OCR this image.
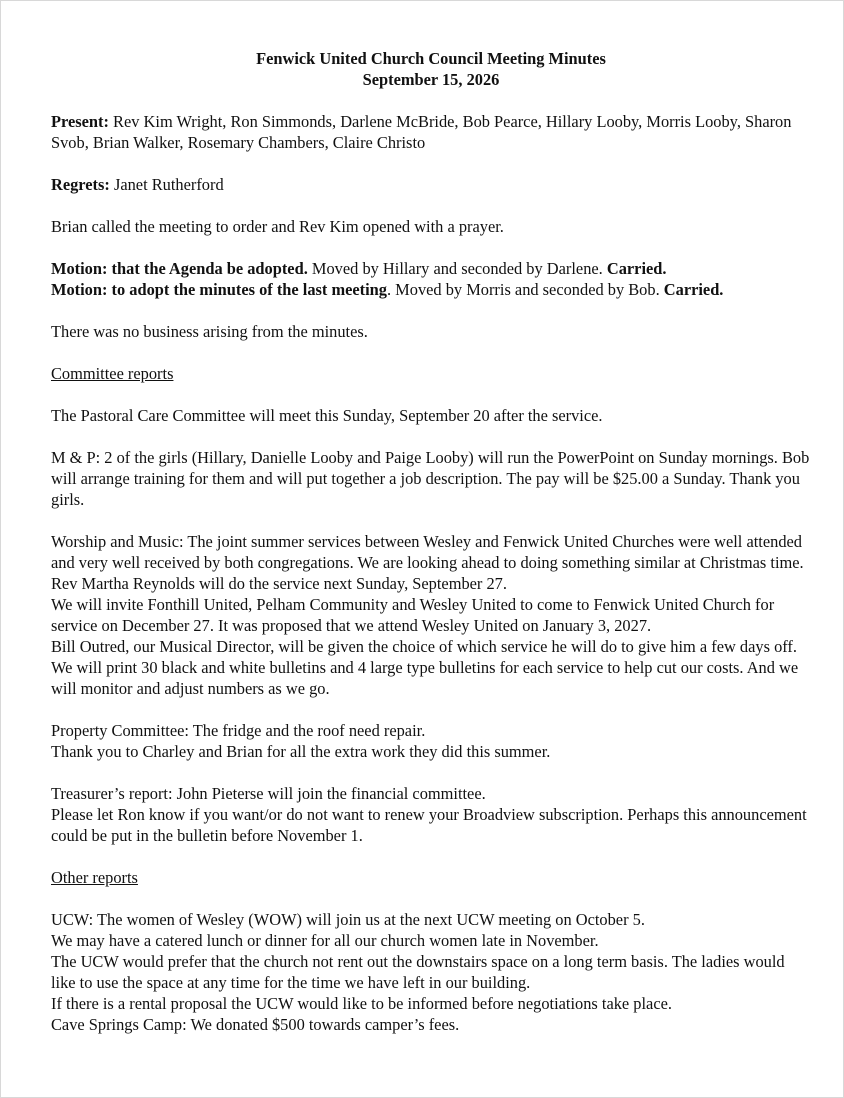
Fenwick United Church Council Meeting Minutes
September 15, 2026

Present: Rev Kim Wright, Ron Simmonds, Darlene McBride, Bob Pearce, Hillary Looby, Morris Looby, Sharon Svob, Brian Walker, Rosemary Chambers, Claire Christo

Regrets: Janet Rutherford

Brian called the meeting to order and Rev Kim opened with a prayer.

Motion: that the Agenda be adopted. Moved by Hillary and seconded by Darlene. Carried.

Motion: to adopt the minutes of the last meeting. Moved by Morris and seconded by Bob. Carried.

There was no business arising from the minutes.

Committee reports

The Pastoral Care Committee will meet this Sunday, September 20 after the service.

M & P: 2 of the girls (Hillary, Danielle Looby and Paige Looby) will run the PowerPoint on Sunday mornings. Bob will arrange training for them and will put together a job description. The pay will be $25.00 a Sunday. Thank you girls.

Worship and Music: The joint summer services between Wesley and Fenwick United Churches were well attended and very well received by both congregations. We are looking ahead to doing something similar at Christmas time.

Rev Martha Reynolds will do the service next Sunday, September 27.

We will invite Fonthill United, Pelham Community and Wesley United to come to Fenwick United Church for service on December 27. It was proposed that we attend Wesley United on January 3, 2027.

Bill Outred, our Musical Director, will be given the choice of which service he will do to give him a few days off.

We will print 30 black and white bulletins and 4 large type bulletins for each service to help cut our costs. And we will monitor and adjust numbers as we go.

Property Committee: The fridge and the roof need repair.

Thank you to Charley and Brian for all the extra work they did this summer.

Treasurer’s report: John Pieterse will join the financial committee.

Please let Ron know if you want/or do not want to renew your Broadview subscription. Perhaps this announcement could be put in the bulletin before November 1.

Other reports

UCW: The women of Wesley (WOW) will join us at the next UCW meeting on October 5.

We may have a catered lunch or dinner for all our church women late in November.

The UCW would prefer that the church not rent out the downstairs space on a long term basis. The ladies would like to use the space at any time for the time we have left in our building.

If there is a rental proposal the UCW would like to be informed before negotiations take place.

Cave Springs Camp: We donated $500 towards camper’s fees.
